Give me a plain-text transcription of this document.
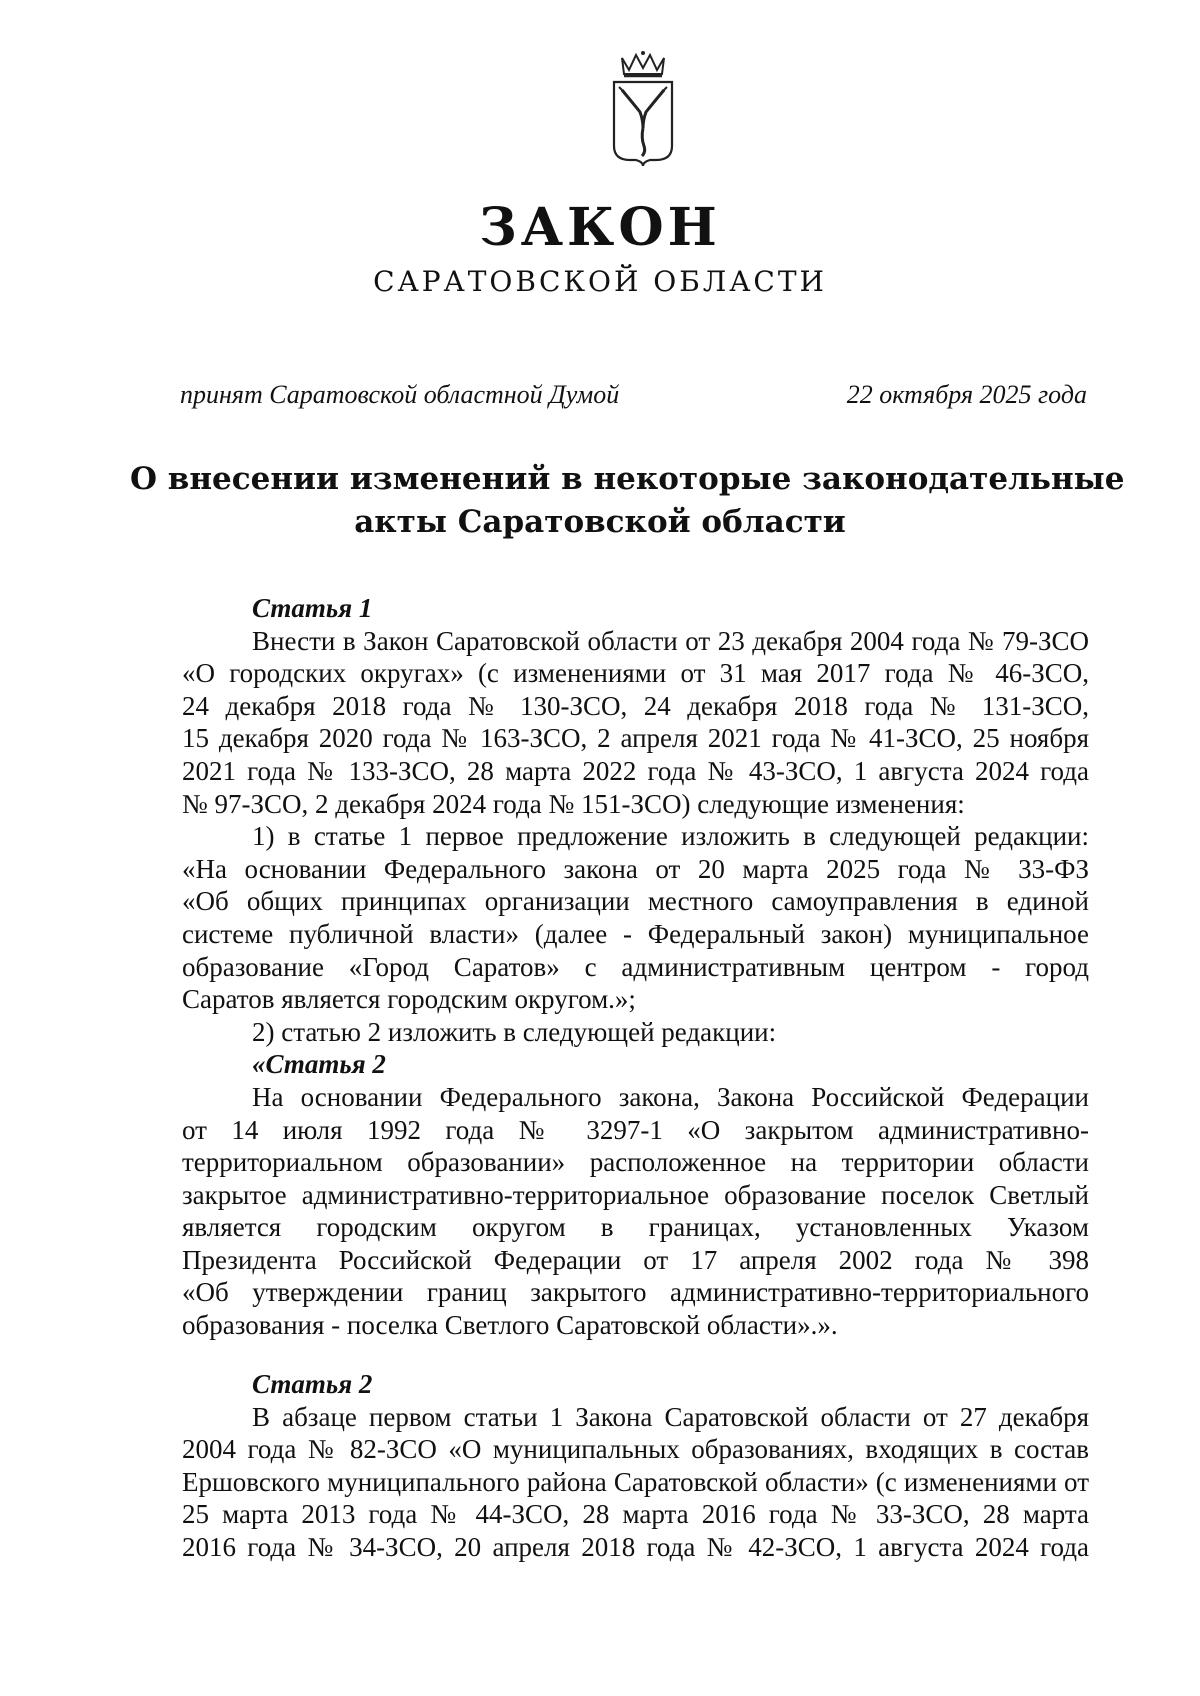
ЗАКОН
САРАТОВСКОЙ ОБЛАСТИ
принят Саратовской областной Думой	22 октября 2025 года
О внесении изменений в некоторые законодательные
акты Саратовской области
Статья 1
Внести в Закон Саратовской области от 23 декабря 2004 года № 79-ЗСО
«О городских округах» (с изменениями от 31 мая 2017 года № 46-ЗСО,
24 декабря 2018 года № 130-ЗСО, 24 декабря 2018 года № 131-ЗСО,
15 декабря 2020 года № 163-ЗСО, 2 апреля 2021 года № 41-ЗСО, 25 ноября
2021 года № 133-ЗСО, 28 марта 2022 года № 43-ЗСО, 1 августа 2024 года
№ 97-ЗСО, 2 декабря 2024 года № 151-ЗСО) следующие изменения:
1) в статье 1 первое предложение изложить в следующей редакции:
«На основании Федерального закона от 20 марта 2025 года № 33-ФЗ
«Об общих принципах организации местного самоуправления в единой
системе публичной власти» (далее - Федеральный закон) муниципальное
образование «Город Саратов» с административным центром - город
Саратов является городским округом.»;
2) статью 2 изложить в следующей редакции:
«Статья 2
На основании Федерального закона, Закона Российской Федерации
от 14 июля 1992 года № 3297-1 «О закрытом административно-
территориальном образовании» расположенное на территории области
закрытое административно-территориальное образование поселок Светлый
является городским округом в границах, установленных Указом
Президента Российской Федерации от 17 апреля 2002 года № 398
«Об утверждении границ закрытого административно-территориального
образования - поселка Светлого Саратовской области».».
Статья 2
В абзаце первом статьи 1 Закона Саратовской области от 27 декабря
2004 года № 82-ЗСО «О муниципальных образованиях, входящих в состав
Ершовского муниципального района Саратовской области» (с изменениями от
25 марта 2013 года № 44-ЗСО, 28 марта 2016 года № 33-ЗСО, 28 марта
2016 года № 34-ЗСО, 20 апреля 2018 года № 42-ЗСО, 1 августа 2024 года
